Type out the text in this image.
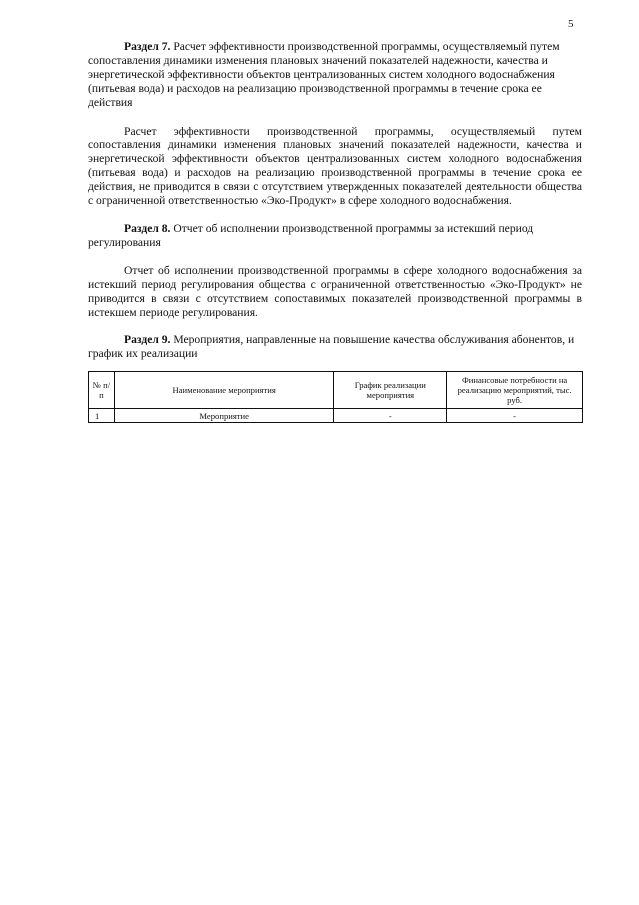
5

Раздел 7. Расчет эффективности производственной программы, осуществляемый путем сопоставления динамики изменения плановых значений показателей надежности, качества и энергетической эффективности объектов централизованных систем холодного водоснабжения (питьевая вода) и расходов на реализацию производственной программы в течение срока ее действия

Расчет эффективности производственной программы, осуществляемый путем сопоставления динамики изменения плановых значений показателей надежности, качества и энергетической эффективности объектов централизованных систем холодного водоснабжения (питьевая вода) и расходов на реализацию производственной программы в течение срока ее действия, не приводится в связи с отсутствием утвержденных показателей деятельности общества с ограниченной ответственностью «Эко-Продукт» в сфере холодного водоснабжения.

Раздел 8. Отчет об исполнении производственной программы за истекший период регулирования

Отчет об исполнении производственной программы в сфере холодного водоснабжения за истекший период регулирования общества с ограниченной ответственностью «Эко-Продукт» не приводится в связи с отсутствием сопоставимых показателей производственной программы в истекшем периоде регулирования.

Раздел 9. Мероприятия, направленные на повышение качества обслуживания абонентов, и график их реализации

№ п/п	Наименование мероприятия	График реализации мероприятия	Финансовые потребности на реализацию мероприятий, тыс. руб.
1	Мероприятие	-	-
